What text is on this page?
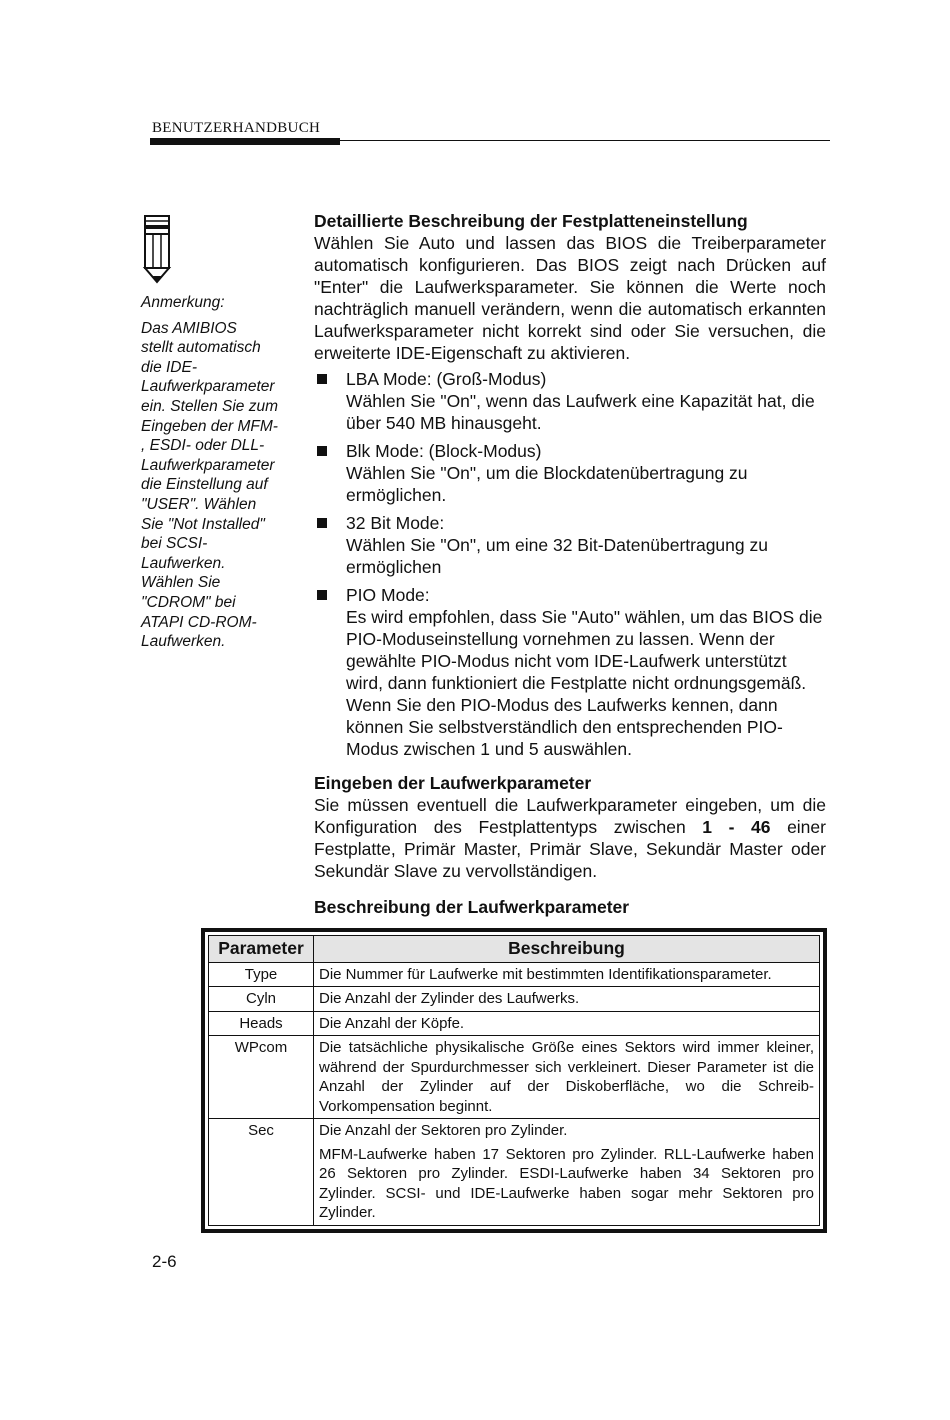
BENUTZERHANDBUCH
Anmerkung:
Das AMIBIOS
stellt automatisch
die IDE-
Laufwerkparameter
ein. Stellen Sie zum
Eingeben der MFM-
, ESDI- oder DLL-
Laufwerkparameter
die Einstellung auf
"USER". Wählen
Sie "Not Installed"
bei SCSI-
Laufwerken.
Wählen Sie
"CDROM" bei
ATAPI CD-ROM-
Laufwerken.
Detaillierte Beschreibung der Festplatteneinstellung
Wählen Sie Auto und lassen das BIOS die Treiberparameter automatisch konfigurieren. Das BIOS zeigt nach Drücken auf "Enter" die Laufwerksparameter. Sie können die Werte noch nachträglich manuell verändern, wenn die automatisch erkannten Laufwerksparameter nicht korrekt sind oder Sie versuchen, die erweiterte IDE-Eigenschaft zu aktivieren.
LBA Mode: (Groß-Modus)
Wählen Sie "On", wenn das Laufwerk eine Kapazität hat, die über 540 MB hinausgeht.
Blk Mode: (Block-Modus)
Wählen Sie "On", um die Blockdatenübertragung zu ermöglichen.
32 Bit Mode:
Wählen Sie "On", um eine 32 Bit-Datenübertragung zu ermöglichen
PIO Mode:
Es wird empfohlen, dass Sie "Auto" wählen, um das BIOS die PIO-Moduseinstellung vornehmen zu lassen. Wenn der gewählte PIO-Modus nicht vom IDE-Laufwerk unterstützt wird, dann funktioniert die Festplatte nicht ordnungsgemäß. Wenn Sie den PIO-Modus des Laufwerks kennen, dann können Sie selbstverständlich den entsprechenden PIO-Modus zwischen 1 und 5 auswählen.
Eingeben der Laufwerkparameter
Sie müssen eventuell die Laufwerkparameter eingeben, um die Konfiguration des Festplattentyps zwischen 1 - 46 einer Festplatte, Primär Master, Primär Slave, Sekundär Master oder Sekundär Slave zu vervollständigen.
Beschreibung der Laufwerkparameter
Parameter	Beschreibung
Type	Die Nummer für Laufwerke mit bestimmten Identifikationsparameter.

Cyln	Die Anzahl der Zylinder des Laufwerks.

Heads	Die Anzahl der Köpfe.

WPcom	Die tatsächliche physikalische Größe eines Sektors wird immer kleiner, während der Spurdurchmesser sich verkleinert. Dieser Parameter ist die Anzahl der Zylinder auf der Diskoberfläche, wo die Schreib-Vorkompensation beginnt.

Sec	Die Anzahl der Sektoren pro Zylinder.
MFM-Laufwerke haben 17 Sektoren pro Zylinder. RLL-Laufwerke haben 26 Sektoren pro Zylinder. ESDI-Laufwerke haben 34 Sektoren pro Zylinder. SCSI- und IDE-Laufwerke haben sogar mehr Sektoren pro Zylinder.
2-6
